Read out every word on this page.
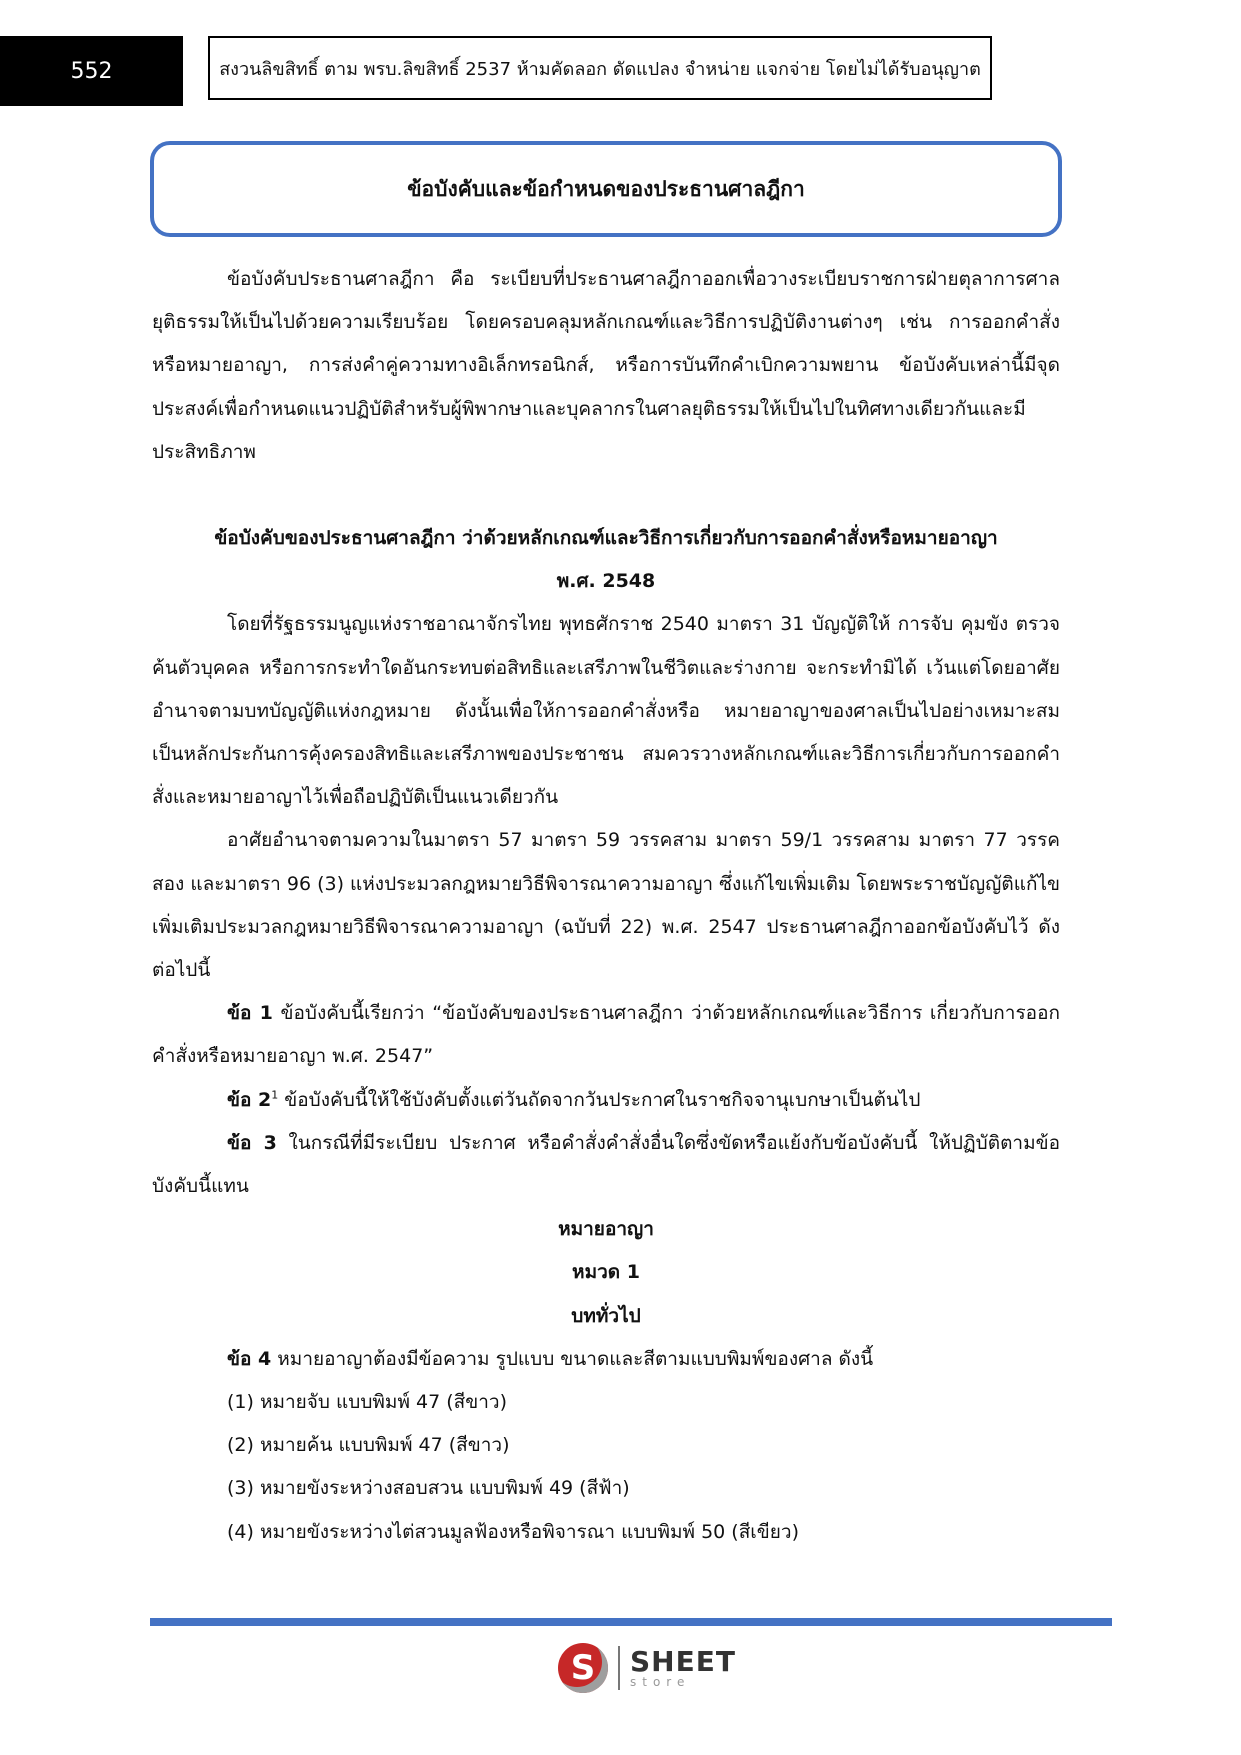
552	สงวนลิขสิทธิ์ ตาม พรบ.ลิขสิทธิ์ 2537 ห้ามคัดลอก ดัดแปลง จำหน่าย แจกจ่าย โดยไม่ได้รับอนุญาต
ข้อบังคับและข้อกำหนดของประธานศาลฎีกา

ข้อบังคับประธานศาลฎีกา คือ ระเบียบที่ประธานศาลฎีกาออกเพื่อวางระเบียบราชการฝ่ายตุลาการศาลยุติธรรมให้เป็นไปด้วยความเรียบร้อย โดยครอบคลุมหลักเกณฑ์และวิธีการปฏิบัติงานต่างๆ เช่น การออกคำสั่งหรือหมายอาญา, การส่งคำคู่ความทางอิเล็กทรอนิกส์, หรือการบันทึกคำเบิกความพยาน ข้อบังคับเหล่านี้มีจุดประสงค์เพื่อกำหนดแนวปฏิบัติสำหรับผู้พิพากษาและบุคลากรในศาลยุติธรรมให้เป็นไปในทิศทางเดียวกันและมีประสิทธิภาพ

ข้อบังคับของประธานศาลฎีกา ว่าด้วยหลักเกณฑ์และวิธีการเกี่ยวกับการออกคำสั่งหรือหมายอาญา

พ.ศ. 2548

โดยที่รัฐธรรมนูญแห่งราชอาณาจักรไทย พุทธศักราช 2540 มาตรา 31 บัญญัติให้ การจับ คุมขัง ตรวจค้นตัวบุคคล หรือการกระทำใดอันกระทบต่อสิทธิและเสรีภาพในชีวิตและร่างกาย จะกระทำมิได้ เว้นแต่โดยอาศัยอำนาจตามบทบัญญัติแห่งกฎหมาย ดังนั้นเพื่อให้การออกคำสั่งหรือ หมายอาญาของศาลเป็นไปอย่างเหมาะสม เป็นหลักประกันการคุ้งครองสิทธิและเสรีภาพของประชาชน สมควรวางหลักเกณฑ์และวิธีการเกี่ยวกับการออกคำสั่งและหมายอาญาไว้เพื่อถือปฏิบัติเป็นแนวเดียวกัน

อาศัยอำนาจตามความในมาตรา 57 มาตรา 59 วรรคสาม มาตรา 59/1 วรรคสาม มาตรา 77 วรรคสอง และมาตรา 96 (3) แห่งประมวลกฎหมายวิธีพิจารณาความอาญา ซึ่งแก้ไขเพิ่มเติม โดยพระราชบัญญัติแก้ไขเพิ่มเติมประมวลกฎหมายวิธีพิจารณาความอาญา (ฉบับที่ 22) พ.ศ. 2547 ประธานศาลฎีกาออกข้อบังคับไว้ ดังต่อไปนี้

ข้อ 1 ข้อบังคับนี้เรียกว่า “ข้อบังคับของประธานศาลฎีกา ว่าด้วยหลักเกณฑ์และวิธีการ เกี่ยวกับการออกคำสั่งหรือหมายอาญา พ.ศ. 2547”

ข้อ $2^1$ ข้อบังคับนี้ให้ใช้บังคับตั้งแต่วันถัดจากวันประกาศในราชกิจจานุเบกษาเป็นต้นไป

ข้อ 3 ในกรณีที่มีระเบียบ ประกาศ หรือคำสั่งคำสั่งอื่นใดซึ่งขัดหรือแย้งกับข้อบังคับนี้ ให้ปฏิบัติตามข้อบังคับนี้แทน

หมายอาญา

หมวด 1

บททั่วไป

ข้อ 4 หมายอาญาต้องมีข้อความ รูปแบบ ขนาดและสีตามแบบพิมพ์ของศาล ดังนี้

(1) หมายจับ แบบพิมพ์ 47 (สีขาว)

(2) หมายค้น แบบพิมพ์ 47 (สีขาว)

(3) หมายขังระหว่างสอบสวน แบบพิมพ์ 49 (สีฟ้า)

(4) หมายขังระหว่างไต่สวนมูลฟ้องหรือพิจารณา แบบพิมพ์ 50 (สีเขียว)

S	SHEET
store
